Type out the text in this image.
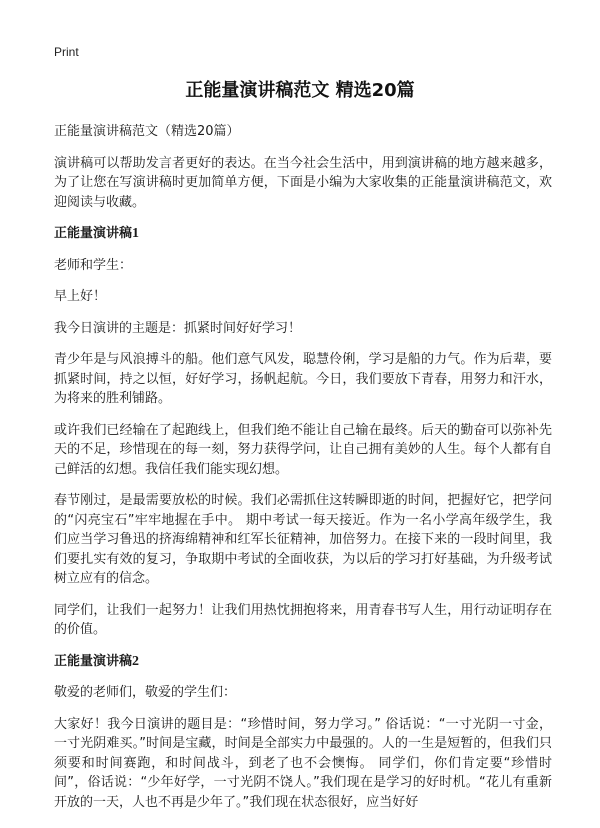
Print
正能量演讲稿范文 精选20篇

正能量演讲稿范文（精选20篇）

演讲稿可以帮助发言者更好的表达。在当今社会生活中，用到演讲稿的地方越来越多，为了让您在写演讲稿时更加简单方便，下面是小编为大家收集的正能量演讲稿范文，欢迎阅读与收藏。

正能量演讲稿1

老师和学生：

早上好！

我今日演讲的主题是：抓紧时间好好学习！

青少年是与风浪搏斗的船。他们意气风发，聪慧伶俐，学习是船的力气。作为后辈，要抓紧时间，持之以恒，好好学习，扬帆起航。今日，我们要放下青春，用努力和汗水，为将来的胜利铺路。

或许我们已经输在了起跑线上，但我们绝不能让自己输在最终。后天的勤奋可以弥补先天的不足，珍惜现在的每一刻，努力获得学问，让自己拥有美妙的人生。每个人都有自己鲜活的幻想。我信任我们能实现幻想。

春节刚过，是最需要放松的时候。我们必需抓住这转瞬即逝的时间，把握好它，把学问的“闪亮宝石”牢牢地握在手中。 期中考试一每天接近。作为一名小学高年级学生，我们应当学习鲁迅的挤海绵精神和红军长征精神，加倍努力。在接下来的一段时间里，我们要扎实有效的复习，争取期中考试的全面收获，为以后的学习打好基础，为升级考试树立应有的信念。

同学们，让我们一起努力！让我们用热忱拥抱将来，用青春书写人生，用行动证明存在的价值。

正能量演讲稿2

敬爱的老师们，敬爱的学生们：

大家好！我今日演讲的题目是：“珍惜时间，努力学习。” 俗话说：“一寸光阴一寸金，一寸光阴难买。”时间是宝藏，时间是全部实力中最强的。人的一生是短暂的，但我们只须要和时间赛跑，和时间战斗，到老了也不会懊悔。 同学们，你们肯定要“珍惜时间”，俗话说：“少年好学，一寸光阴不饶人。”我们现在是学习的好时机。“花儿有重新开放的一天，人也不再是少年了。”我们现在状态很好，应当好好
